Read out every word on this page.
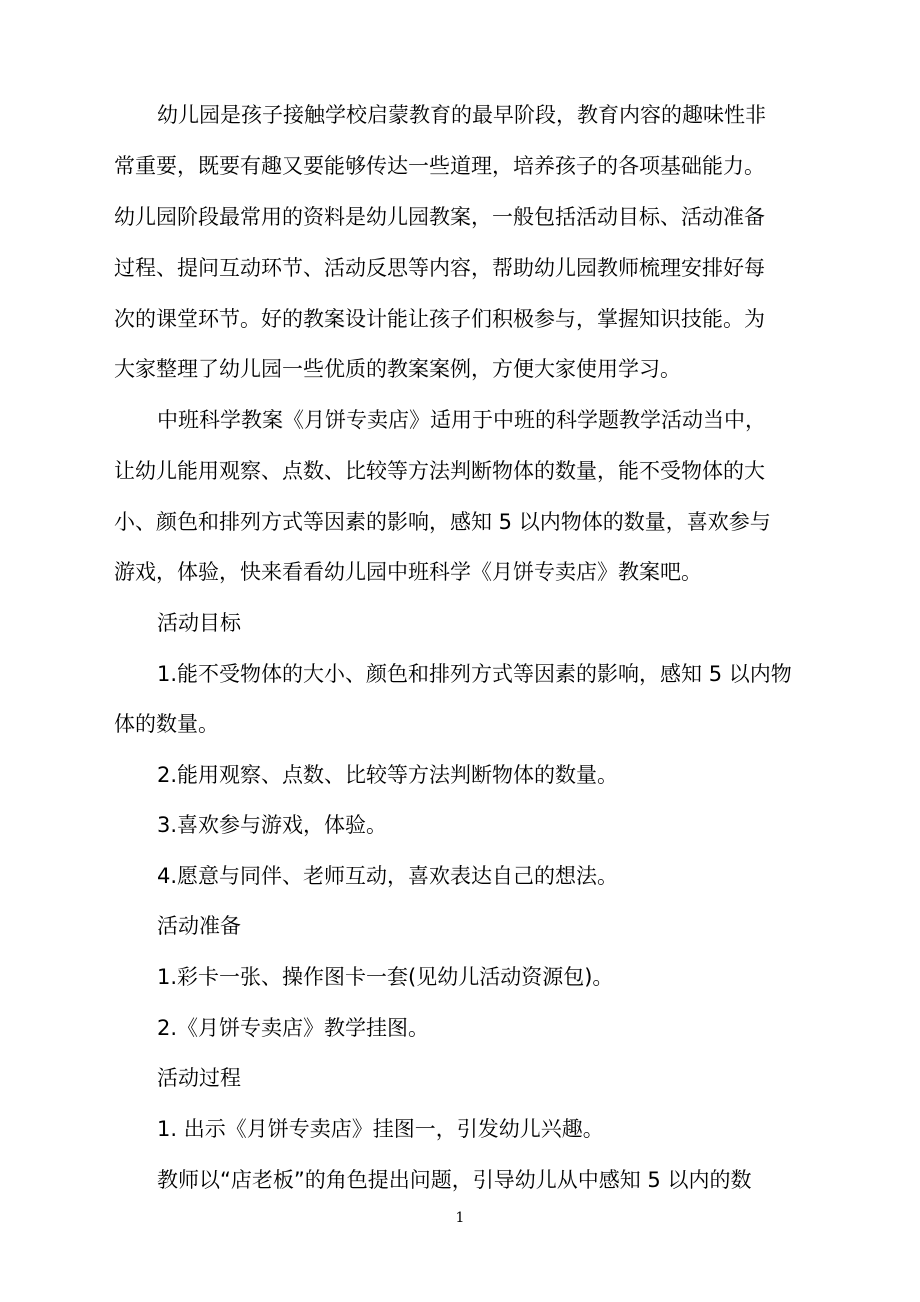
幼儿园是孩子接触学校启蒙教育的最早阶段，教育内容的趣味性非
常重要，既要有趣又要能够传达一些道理，培养孩子的各项基础能力。
幼儿园阶段最常用的资料是幼儿园教案，一般包括活动目标、活动准备
过程、提问互动环节、活动反思等内容，帮助幼儿园教师梳理安排好每
次的课堂环节。好的教案设计能让孩子们积极参与，掌握知识技能。为
大家整理了幼儿园一些优质的教案案例，方便大家使用学习。
中班科学教案《月饼专卖店》适用于中班的科学题教学活动当中，
让幼儿能用观察、点数、比较等方法判断物体的数量，能不受物体的大
小、颜色和排列方式等因素的影响，感知 5 以内物体的数量，喜欢参与
游戏，体验，快来看看幼儿园中班科学《月饼专卖店》教案吧。
活动目标
1.能不受物体的大小、颜色和排列方式等因素的影响，感知 5 以内物
体的数量。
2.能用观察、点数、比较等方法判断物体的数量。
3.喜欢参与游戏，体验。
4.愿意与同伴、老师互动，喜欢表达自己的想法。
活动准备
1.彩卡一张、操作图卡一套(见幼儿活动资源包)。
2.《月饼专卖店》教学挂图。
活动过程
1. 出示《月饼专卖店》挂图一，引发幼儿兴趣。
教师以“店老板”的角色提出问题，引导幼儿从中感知 5 以内的数
1
